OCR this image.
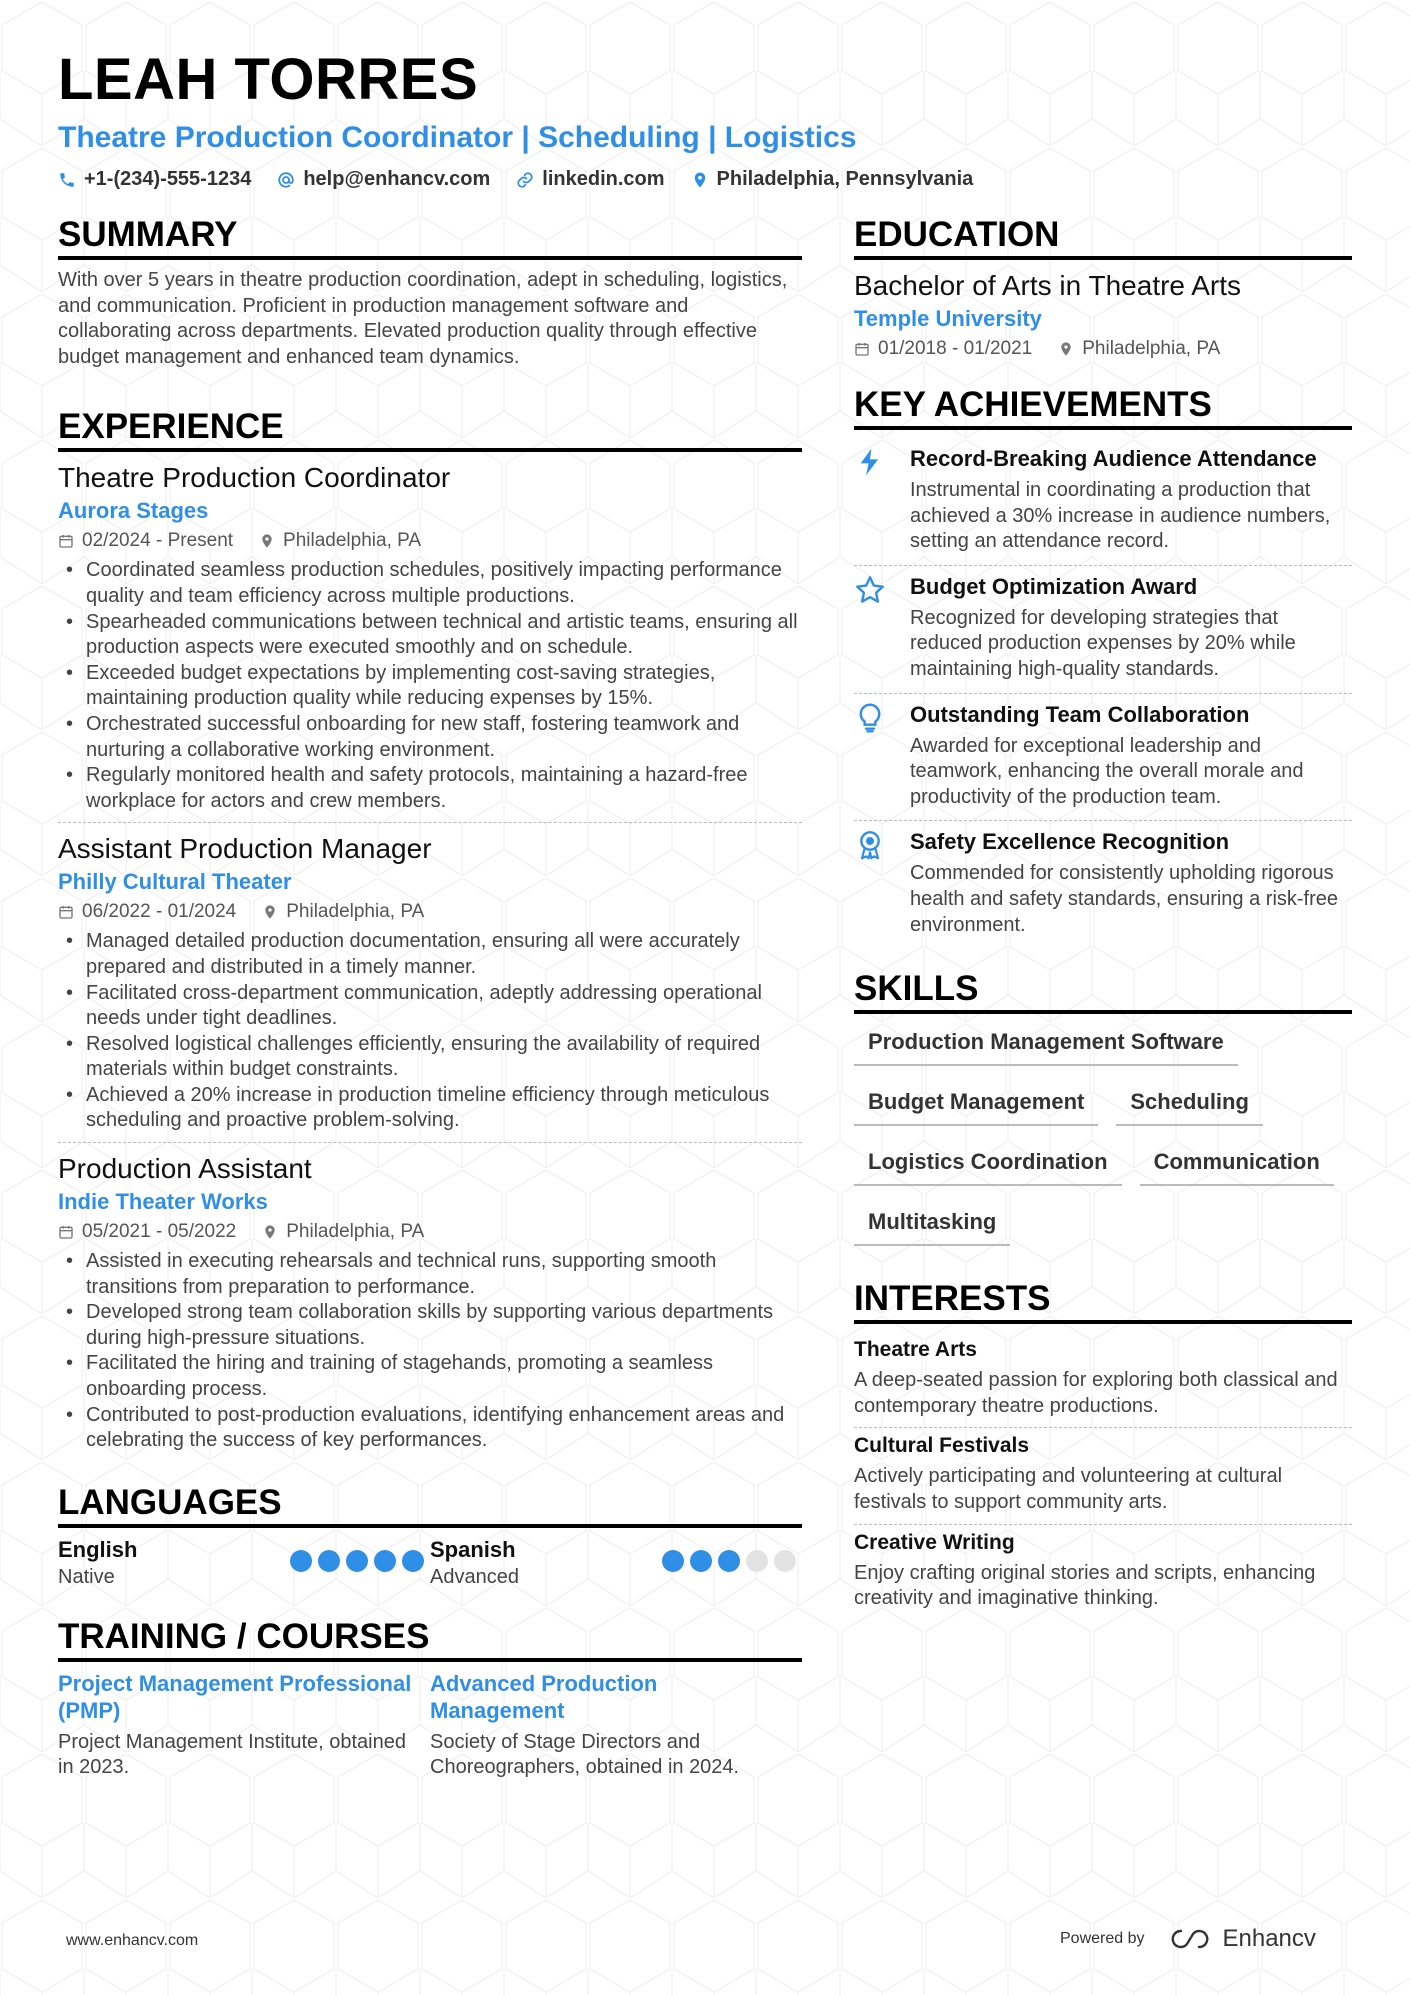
LEAH TORRES
Theatre Production Coordinator | Scheduling | Logistics
+1-(234)-555-1234	help@enhancv.com	linkedin.com	Philadelphia, Pennsylvania
SUMMARY
With over 5 years in theatre production coordination, adept in scheduling, logistics, and communication. Proficient in production management software and collaborating across departments. Elevated production quality through effective budget management and enhanced team dynamics.
EXPERIENCE
Theatre Production Coordinator
Aurora Stages
02/2024 - Present	Philadelphia, PA
• Coordinated seamless production schedules, positively impacting performance quality and team efficiency across multiple productions.
• Spearheaded communications between technical and artistic teams, ensuring all production aspects were executed smoothly and on schedule.
• Exceeded budget expectations by implementing cost-saving strategies, maintaining production quality while reducing expenses by 15%.
• Orchestrated successful onboarding for new staff, fostering teamwork and nurturing a collaborative working environment.
• Regularly monitored health and safety protocols, maintaining a hazard-free workplace for actors and crew members.
Assistant Production Manager
Philly Cultural Theater
06/2022 - 01/2024	Philadelphia, PA
• Managed detailed production documentation, ensuring all were accurately prepared and distributed in a timely manner.
• Facilitated cross-department communication, adeptly addressing operational needs under tight deadlines.
• Resolved logistical challenges efficiently, ensuring the availability of required materials within budget constraints.
• Achieved a 20% increase in production timeline efficiency through meticulous scheduling and proactive problem-solving.
Production Assistant
Indie Theater Works
05/2021 - 05/2022	Philadelphia, PA
• Assisted in executing rehearsals and technical runs, supporting smooth transitions from preparation to performance.
• Developed strong team collaboration skills by supporting various departments during high-pressure situations.
• Facilitated the hiring and training of stagehands, promoting a seamless onboarding process.
• Contributed to post-production evaluations, identifying enhancement areas and celebrating the success of key performances.
LANGUAGES
English
Native
Spanish
Advanced
TRAINING / COURSES
Project Management Professional (PMP)
Project Management Institute, obtained in 2023.
Advanced Production Management
Society of Stage Directors and Choreographers, obtained in 2024.
EDUCATION
Bachelor of Arts in Theatre Arts
Temple University
01/2018 - 01/2021	Philadelphia, PA
KEY ACHIEVEMENTS
Record-Breaking Audience Attendance
Instrumental in coordinating a production that achieved a 30% increase in audience numbers, setting an attendance record.
Budget Optimization Award
Recognized for developing strategies that reduced production expenses by 20% while maintaining high-quality standards.
Outstanding Team Collaboration
Awarded for exceptional leadership and teamwork, enhancing the overall morale and productivity of the production team.
Safety Excellence Recognition
Commended for consistently upholding rigorous health and safety standards, ensuring a risk-free environment.
SKILLS
Production Management Software
Budget Management	Scheduling
Logistics Coordination	Communication
Multitasking
INTERESTS
Theatre Arts
A deep-seated passion for exploring both classical and contemporary theatre productions.
Cultural Festivals
Actively participating and volunteering at cultural festivals to support community arts.
Creative Writing
Enjoy crafting original stories and scripts, enhancing creativity and imaginative thinking.
www.enhancv.com	Powered by	Enhancv
